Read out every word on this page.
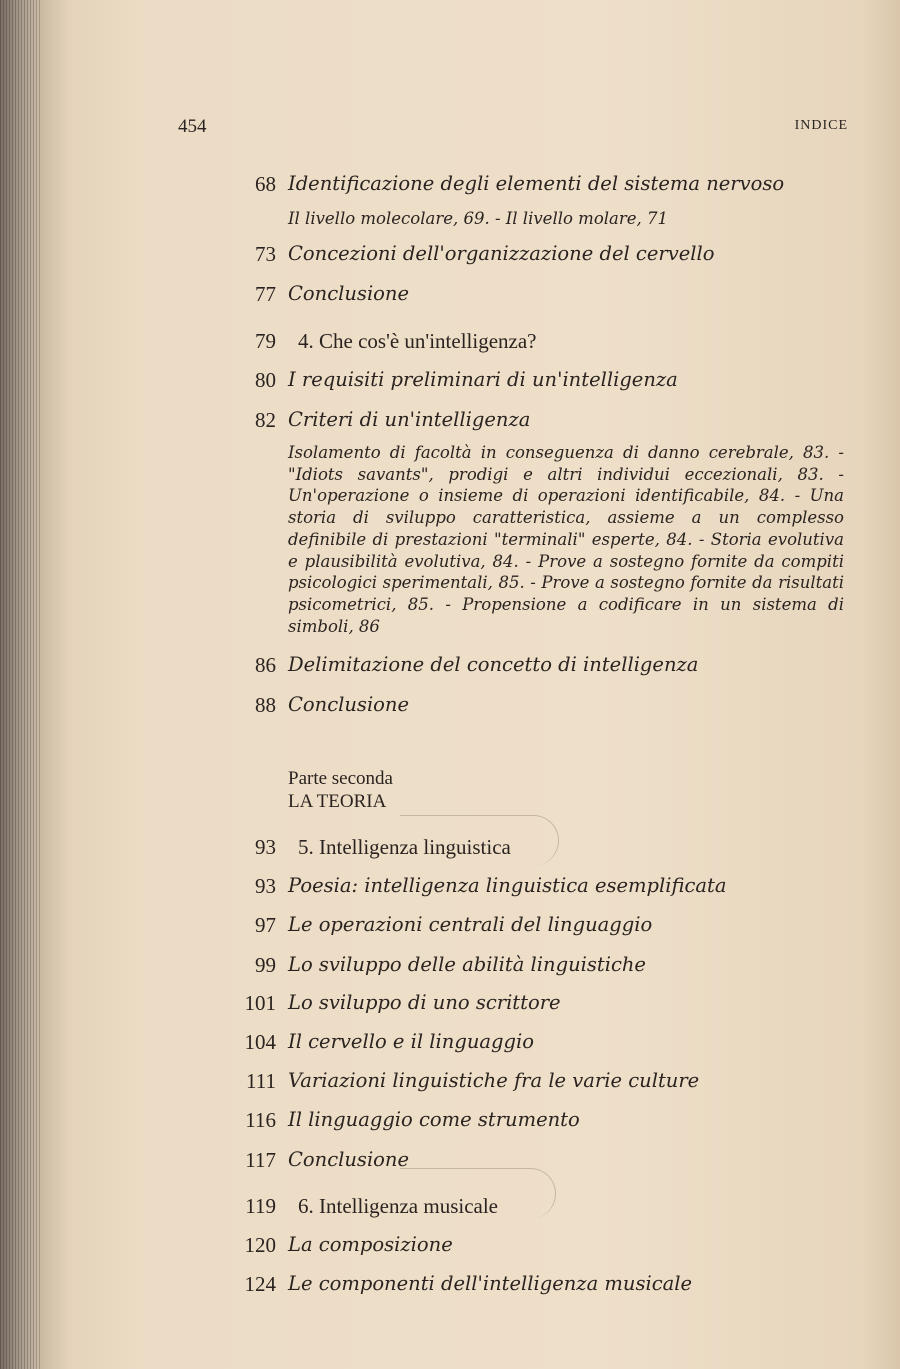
454	INDICE
68 Identificazione degli elementi del sistema nervoso
Il livello molecolare, 69. - Il livello molare, 71
73 Concezioni dell'organizzazione del cervello
77 Conclusione
79 4. Che cos'è un'intelligenza?
80 I requisiti preliminari di un'intelligenza
82 Criteri di un'intelligenza
Isolamento di facoltà in conseguenza di danno cerebrale, 83. - "Idiots savants", prodigi e altri individui eccezionali, 83. - Un'operazione o insieme di operazioni identificabile, 84. - Una storia di sviluppo caratteristica, assieme a un complesso definibile di prestazioni "terminali" esperte, 84. - Storia evolutiva e plausibilità evolutiva, 84. - Prove a sostegno fornite da compiti psicologici sperimentali, 85. - Prove a sostegno fornite da risultati psicometrici, 85. - Propensione a codificare in un sistema di simboli, 86
86 Delimitazione del concetto di intelligenza
88 Conclusione
Parte seconda
LA TEORIA
93 5. Intelligenza linguistica
93 Poesia: intelligenza linguistica esemplificata
97 Le operazioni centrali del linguaggio
99 Lo sviluppo delle abilità linguistiche
101 Lo sviluppo di uno scrittore
104 Il cervello e il linguaggio
111 Variazioni linguistiche fra le varie culture
116 Il linguaggio come strumento
117 Conclusione
119 6. Intelligenza musicale
120 La composizione
124 Le componenti dell'intelligenza musicale
